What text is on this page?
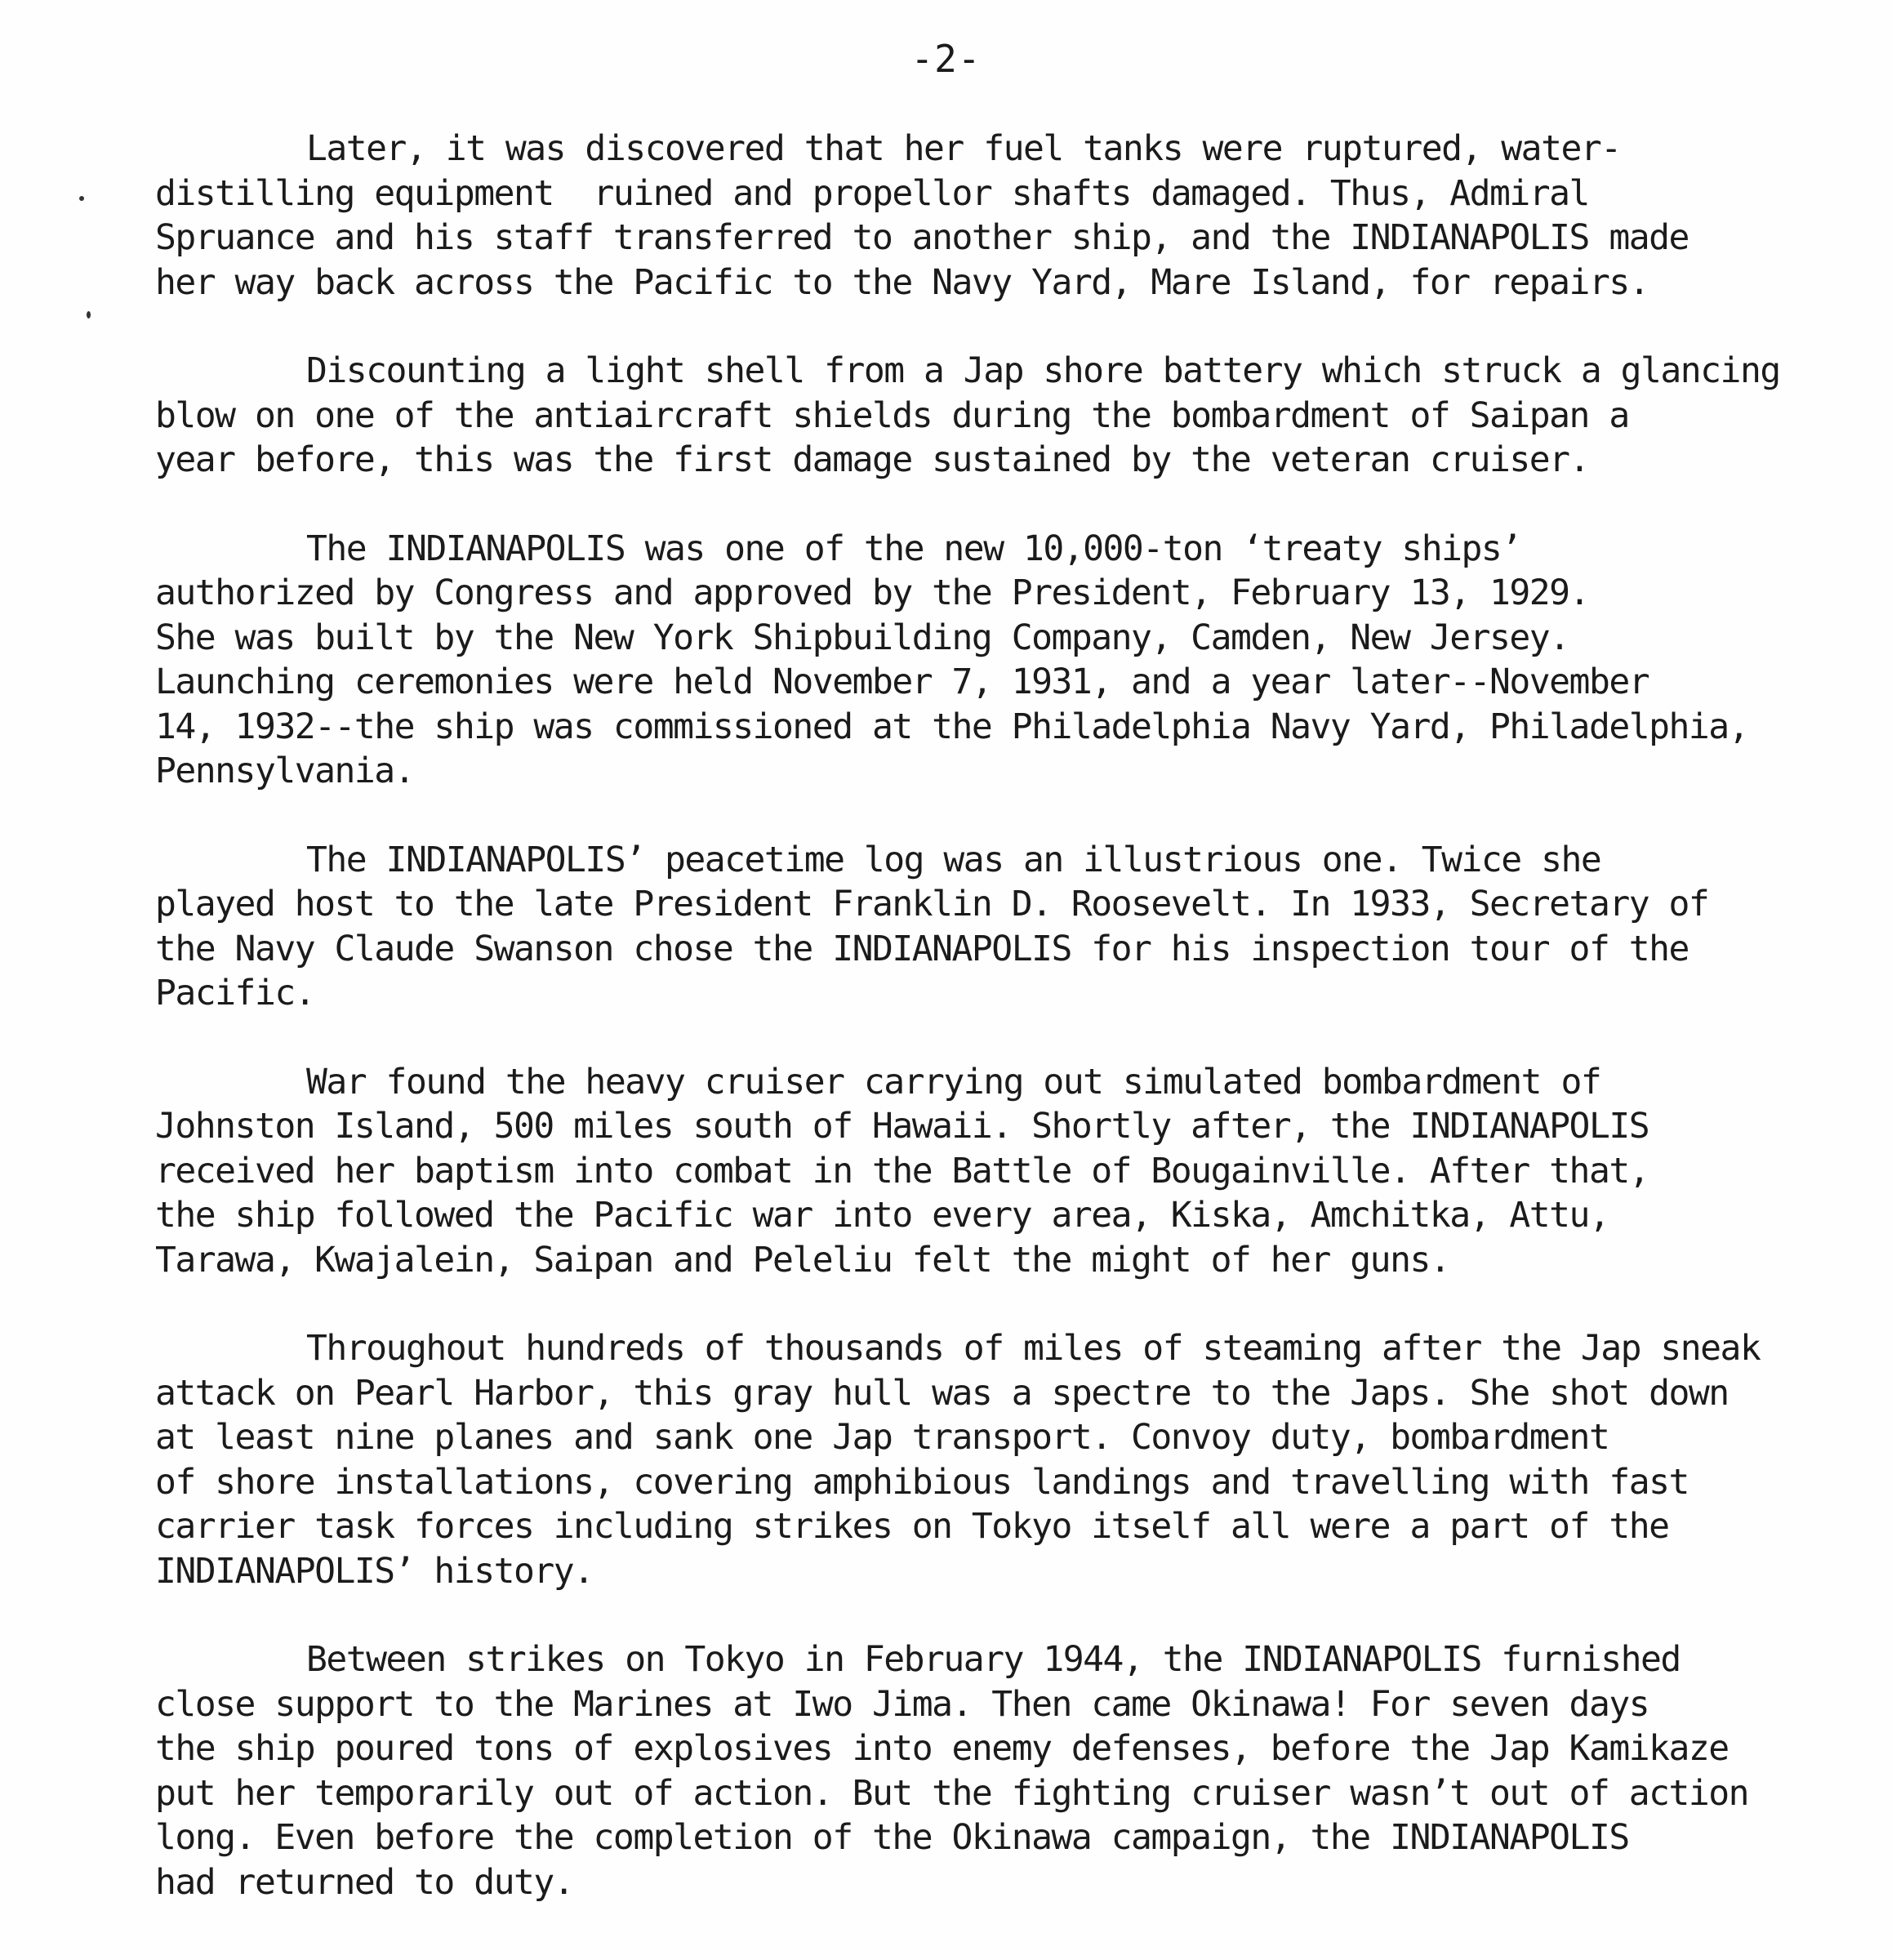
-2-
Later, it was discovered that her fuel tanks were ruptured, water-
distilling equipment  ruined and propellor shafts damaged. Thus, Admiral
Spruance and his staff transferred to another ship, and the INDIANAPOLIS made
her way back across the Pacific to the Navy Yard, Mare Island, for repairs.
Discounting a light shell from a Jap shore battery which struck a glancing
blow on one of the antiaircraft shields during the bombardment of Saipan a
year before, this was the first damage sustained by the veteran cruiser.
The INDIANAPOLIS was one of the new 10,000-ton ‘treaty ships’
authorized by Congress and approved by the President, February 13, 1929.
She was built by the New York Shipbuilding Company, Camden, New Jersey.
Launching ceremonies were held November 7, 1931, and a year later--November
14, 1932--the ship was commissioned at the Philadelphia Navy Yard, Philadelphia,
Pennsylvania.
The INDIANAPOLIS’ peacetime log was an illustrious one. Twice she
played host to the late President Franklin D. Roosevelt. In 1933, Secretary of
the Navy Claude Swanson chose the INDIANAPOLIS for his inspection tour of the
Pacific.
War found the heavy cruiser carrying out simulated bombardment of
Johnston Island, 500 miles south of Hawaii. Shortly after, the INDIANAPOLIS
received her baptism into combat in the Battle of Bougainville. After that,
the ship followed the Pacific war into every area, Kiska, Amchitka, Attu,
Tarawa, Kwajalein, Saipan and Peleliu felt the might of her guns.
Throughout hundreds of thousands of miles of steaming after the Jap sneak
attack on Pearl Harbor, this gray hull was a spectre to the Japs. She shot down
at least nine planes and sank one Jap transport. Convoy duty, bombardment
of shore installations, covering amphibious landings and travelling with fast
carrier task forces including strikes on Tokyo itself all were a part of the
INDIANAPOLIS’ history.
Between strikes on Tokyo in February 1944, the INDIANAPOLIS furnished
close support to the Marines at Iwo Jima. Then came Okinawa! For seven days
the ship poured tons of explosives into enemy defenses, before the Jap Kamikaze
put her temporarily out of action. But the fighting cruiser wasn’t out of action
long. Even before the completion of the Okinawa campaign, the INDIANAPOLIS
had returned to duty.
